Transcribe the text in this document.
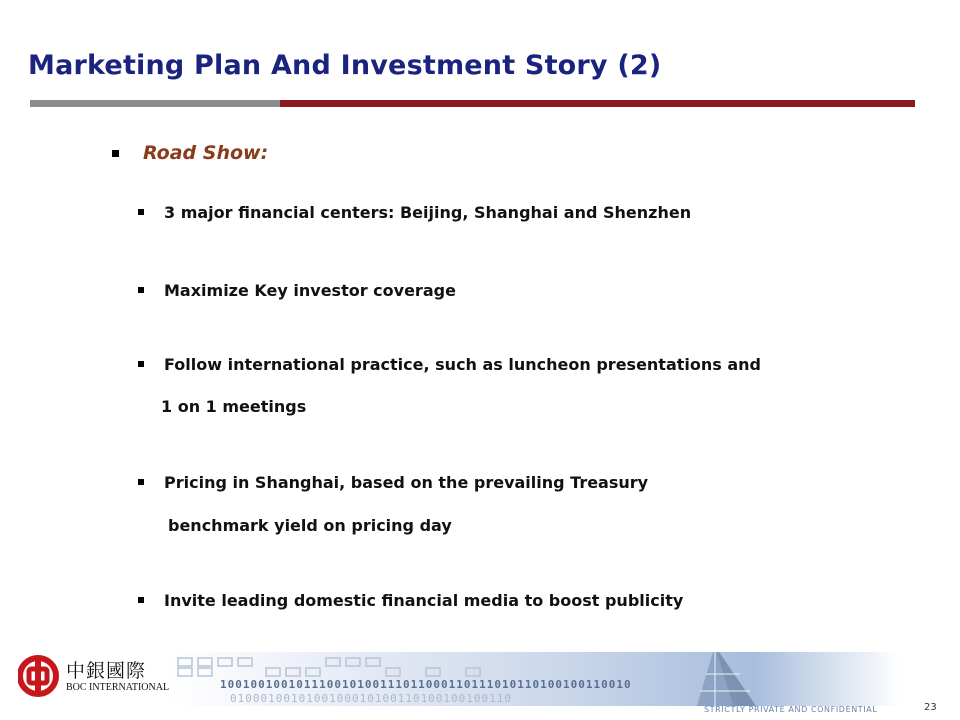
Marketing Plan And Investment Story (2)
Road Show:
3 major financial centers: Beijing, Shanghai and Shenzhen
Maximize Key investor coverage
Follow international practice, such as luncheon presentations and
1 on 1 meetings
Pricing in Shanghai, based on the prevailing Treasury
benchmark yield on pricing day
Invite leading domestic financial media to boost publicity
100100100101110010100111011000110111010110100100110010
0100010010100100010100110100100100110
中銀國際
BOC INTERNATIONAL
STRICTLY PRIVATE AND CONFIDENTIAL	23
